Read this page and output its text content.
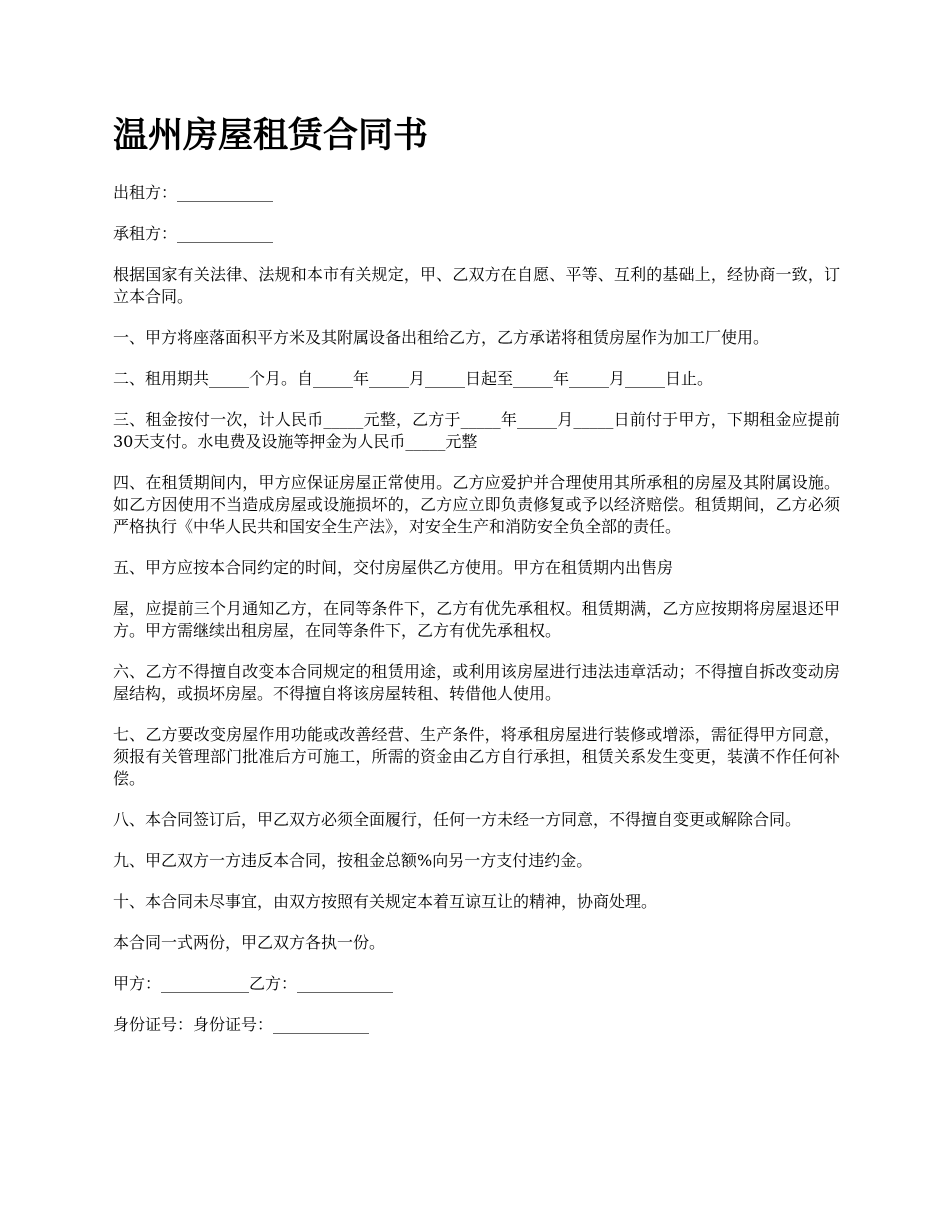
温州房屋租赁合同书

出租方：____________

承租方：____________

根据国家有关法律、法规和本市有关规定，甲、乙双方在自愿、平等、互利的基础上，经协商一致，订立本合同。

一、甲方将座落面积平方米及其附属设备出租给乙方，乙方承诺将租赁房屋作为加工厂使用。

二、租用期共_____个月。自_____年_____月_____日起至_____年_____月_____日止。

三、租金按付一次，计人民币_____元整，乙方于_____年_____月_____日前付于甲方，下期租金应提前30天支付。水电费及设施等押金为人民币_____元整

四、在租赁期间内，甲方应保证房屋正常使用。乙方应爱护并合理使用其所承租的房屋及其附属设施。如乙方因使用不当造成房屋或设施损坏的，乙方应立即负责修复或予以经济赔偿。租赁期间，乙方必须严格执行《中华人民共和国安全生产法》，对安全生产和消防安全负全部的责任。

五、甲方应按本合同约定的时间，交付房屋供乙方使用。甲方在租赁期内出售房

屋，应提前三个月通知乙方，在同等条件下，乙方有优先承租权。租赁期满，乙方应按期将房屋退还甲方。甲方需继续出租房屋，在同等条件下，乙方有优先承租权。

六、乙方不得擅自改变本合同规定的租赁用途，或利用该房屋进行违法违章活动；不得擅自拆改变动房屋结构，或损坏房屋。不得擅自将该房屋转租、转借他人使用。

七、乙方要改变房屋作用功能或改善经营、生产条件，将承租房屋进行装修或增添，需征得甲方同意，须报有关管理部门批准后方可施工，所需的资金由乙方自行承担，租赁关系发生变更，装潢不作任何补偿。

八、本合同签订后，甲乙双方必须全面履行，任何一方未经一方同意，不得擅自变更或解除合同。

九、甲乙双方一方违反本合同，按租金总额%向另一方支付违约金。

十、本合同未尽事宜，由双方按照有关规定本着互谅互让的精神，协商处理。

本合同一式两份，甲乙双方各执一份。

甲方：___________乙方：____________

身份证号：身份证号：____________
